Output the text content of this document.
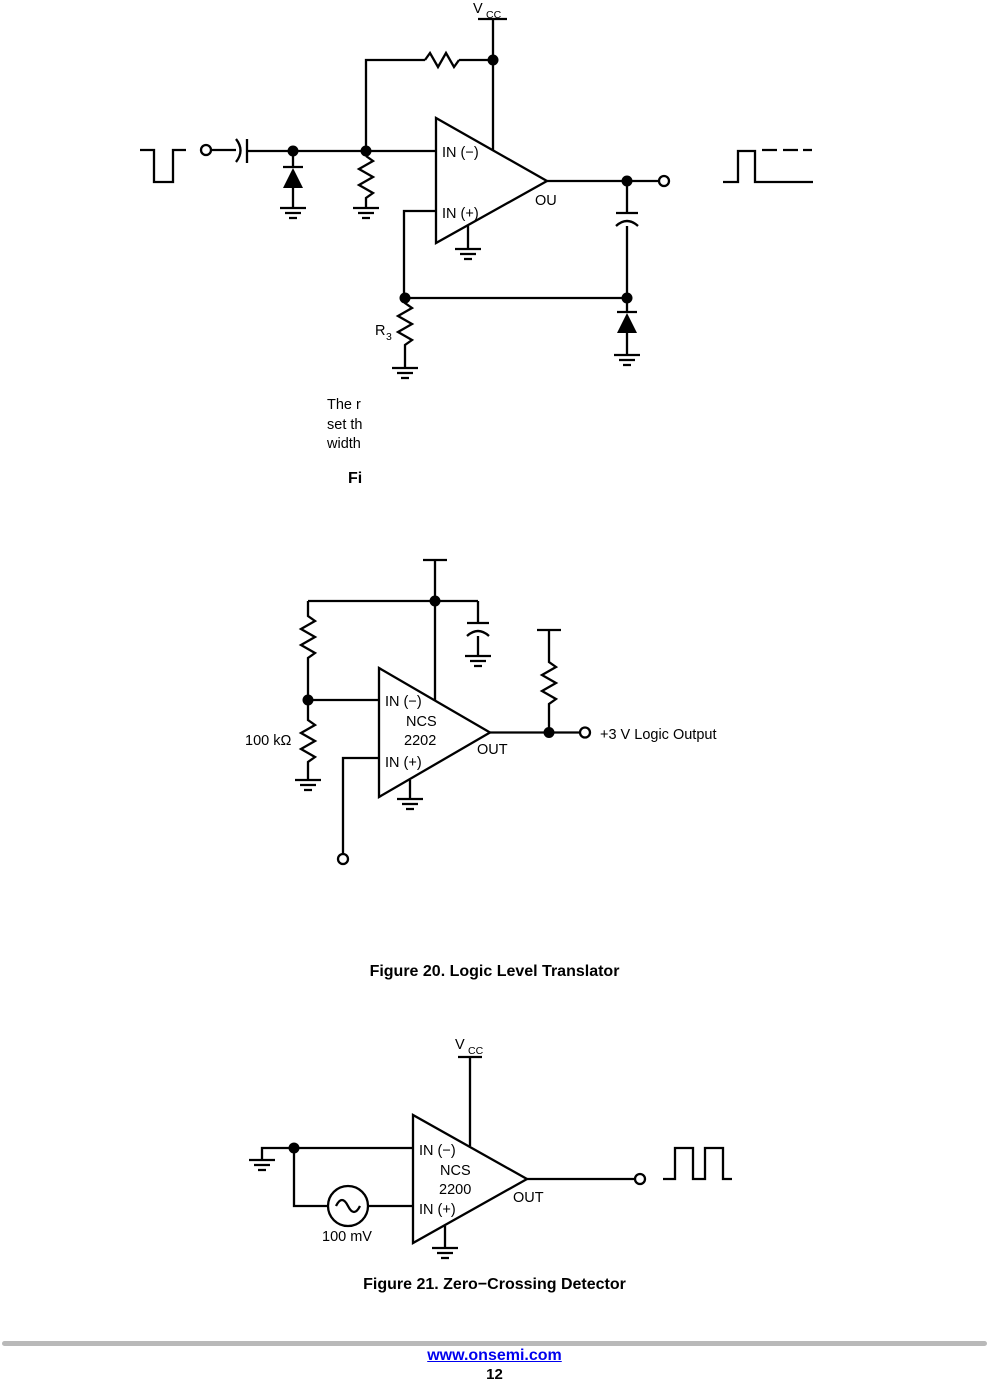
V CC
IN (−)
IN (+)
OU
R 3
IN (−)
NCS
2202
IN (+)
OUT
100 kΩ	+3 V Logic Output
V CC
IN (−)
NCS
2200
IN (+)
OUT
100 mV
The r
set th
width
Fi
Figure 20. Logic Level Translator
Figure 21. Zero−Crossing Detector
www.onsemi.com
12
